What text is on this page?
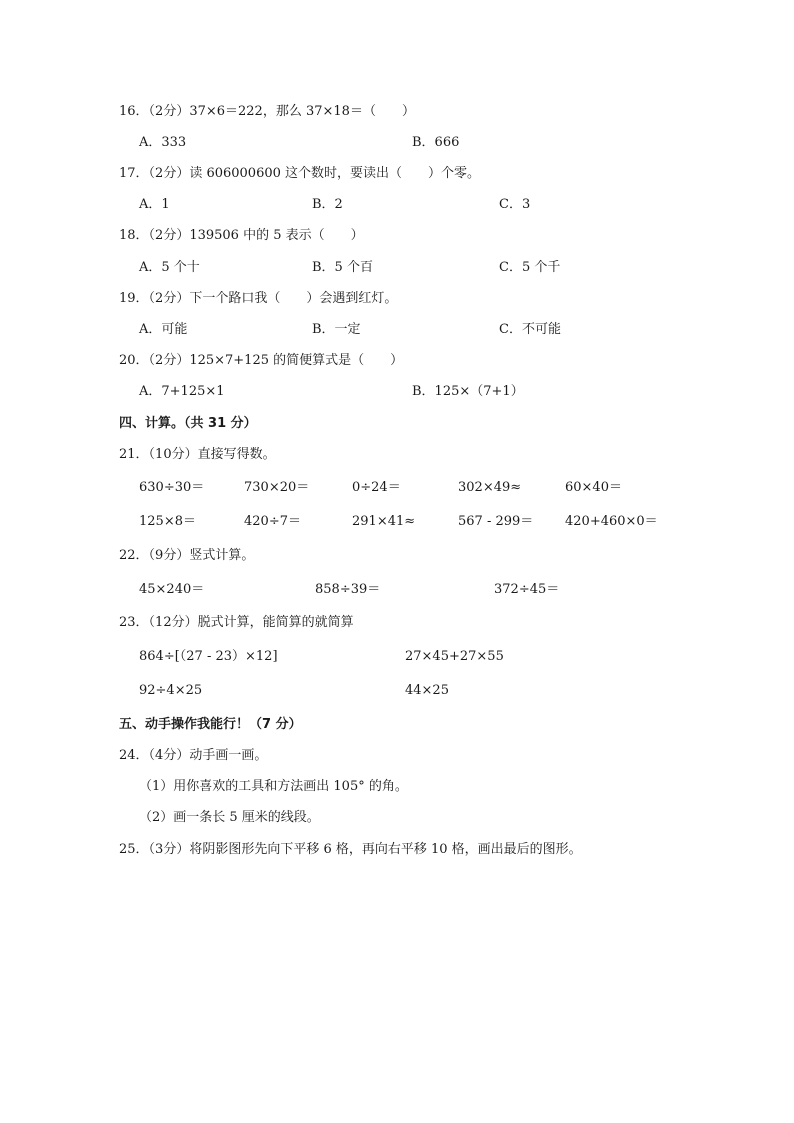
16．（2分）37×6＝222，那么 37×18＝（　　）
A．333	B．666
17．（2分）读 606000600 这个数时，要读出（　　）个零。
A．1	B．2	C．3
18．（2分）139506 中的 5 表示（　　）
A．5 个十	B．5 个百	C．5 个千
19．（2分）下一个路口我（　　）会遇到红灯。
A．可能	B．一定	C．不可能
20．（2分）125×7+125 的简便算式是（　　）
A．7+125×1	B．125×（7+1）
四、计算。（共 31 分）
21．（10分）直接写得数。
630÷30＝	730×20＝	0÷24＝	302×49≈	60×40＝
125×8＝	420÷7＝	291×41≈	567 - 299＝ 420+460×0＝
22．（9分）竖式计算。
45×240＝	858÷39＝	372÷45＝
23．（12分）脱式计算，能简算的就简算
864÷[（27 - 23）×12]	27×45+27×55
92÷4×25	44×25
五、动手操作我能行！（7 分）
24．（4分）动手画一画。
（1）用你喜欢的工具和方法画出 105° 的角。
（2）画一条长 5 厘米的线段。
25．（3分）将阴影图形先向下平移 6 格，再向右平移 10 格，画出最后的图形。
